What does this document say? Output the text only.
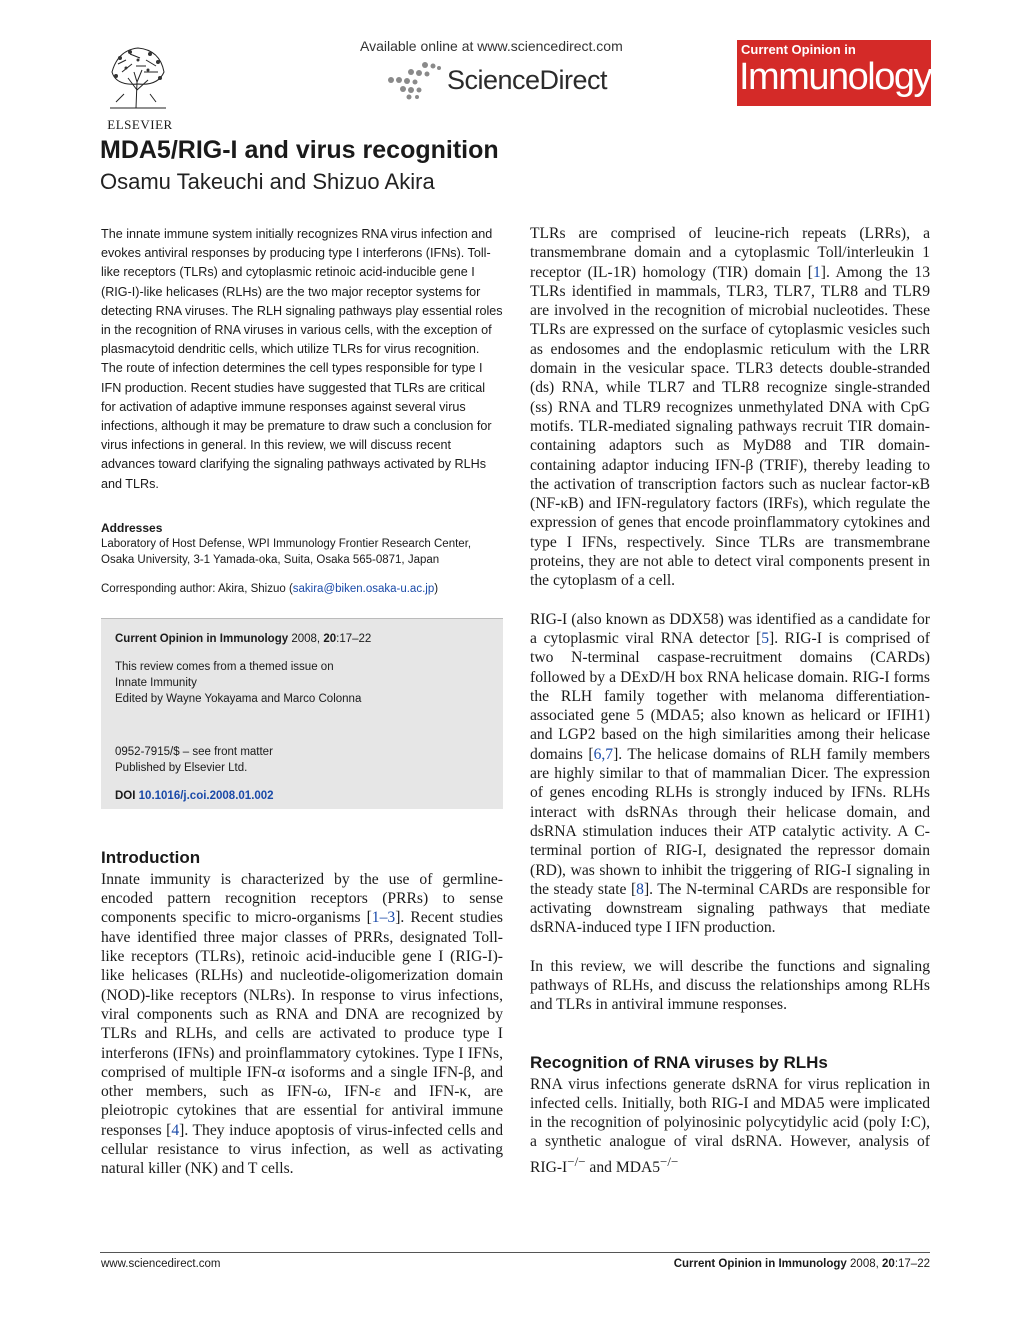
ELSEVIER
Available online at www.sciencedirect.com
ScienceDirect
Current Opinion in
Immunology
MDA5/RIG-I and virus recognition
Osamu Takeuchi and Shizuo Akira

The innate immune system initially recognizes RNA virus infection and evokes antiviral responses by producing type I interferons (IFNs). Toll-like receptors (TLRs) and cytoplasmic retinoic acid-inducible gene I (RIG-I)-like helicases (RLHs) are the two major receptor systems for detecting RNA viruses. The RLH signaling pathways play essential roles in the recognition of RNA viruses in various cells, with the exception of plasmacytoid dendritic cells, which utilize TLRs for virus recognition. The route of infection determines the cell types responsible for type I IFN production. Recent studies have suggested that TLRs are critical for activation of adaptive immune responses against several virus infections, although it may be premature to draw such a conclusion for virus infections in general. In this review, we will discuss recent advances toward clarifying the signaling pathways activated by RLHs and TLRs.

Addresses

Laboratory of Host Defense, WPI Immunology Frontier Research Center, Osaka University, 3-1 Yamada-oka, Suita, Osaka 565-0871, Japan

Corresponding author: Akira, Shizuo (sakira@biken.osaka-u.ac.jp)

Current Opinion in Immunology 2008, 20:17–22

This review comes from a themed issue on

Innate Immunity

Edited by Wayne Yokayama and Marco Colonna

0952-7915/$ – see front matter

Published by Elsevier Ltd.

DOI 10.1016/j.coi.2008.01.002

Introduction

Innate immunity is characterized by the use of germline-encoded pattern recognition receptors (PRRs) to sense components specific to micro-organisms [1–3]. Recent studies have identified three major classes of PRRs, designated Toll-like receptors (TLRs), retinoic acid-inducible gene I (RIG-I)-like helicases (RLHs) and nucleotide-oligomerization domain (NOD)-like receptors (NLRs). In response to virus infections, viral components such as RNA and DNA are recognized by TLRs and RLHs, and cells are activated to produce type I interferons (IFNs) and proinflammatory cytokines. Type I IFNs, comprised of multiple IFN-α isoforms and a single IFN-β, and other members, such as IFN-ω, IFN-ε and IFN-κ, are pleiotropic cytokines that are essential for antiviral immune responses [4]. They induce apoptosis of virus-infected cells and cellular resistance to virus infection, as well as activating natural killer (NK) and T cells.

TLRs are comprised of leucine-rich repeats (LRRs), a transmembrane domain and a cytoplasmic Toll/interleukin 1 receptor (IL-1R) homology (TIR) domain [1]. Among the 13 TLRs identified in mammals, TLR3, TLR7, TLR8 and TLR9 are involved in the recognition of microbial nucleotides. These TLRs are expressed on the surface of cytoplasmic vesicles such as endosomes and the endoplasmic reticulum with the LRR domain in the vesicular space. TLR3 detects double-stranded (ds) RNA, while TLR7 and TLR8 recognize single-stranded (ss) RNA and TLR9 recognizes unmethylated DNA with CpG motifs. TLR-mediated signaling pathways recruit TIR domain-containing adaptors such as MyD88 and TIR domain-containing adaptor inducing IFN-β (TRIF), thereby leading to the activation of transcription factors such as nuclear factor-κB (NF-κB) and IFN-regulatory factors (IRFs), which regulate the expression of genes that encode proinflammatory cytokines and type I IFNs, respectively. Since TLRs are transmembrane proteins, they are not able to detect viral components present in the cytoplasm of a cell.

RIG-I (also known as DDX58) was identified as a candidate for a cytoplasmic viral RNA detector [5]. RIG-I is comprised of two N-terminal caspase-recruitment domains (CARDs) followed by a DExD/H box RNA helicase domain. RIG-I forms the RLH family together with melanoma differentiation-associated gene 5 (MDA5; also known as helicard or IFIH1) and LGP2 based on the high similarities among their helicase domains [6,7]. The helicase domains of RLH family members are highly similar to that of mammalian Dicer. The expression of genes encoding RLHs is strongly induced by IFNs. RLHs interact with dsRNAs through their helicase domain, and dsRNA stimulation induces their ATP catalytic activity. A C-terminal portion of RIG-I, designated the repressor domain (RD), was shown to inhibit the triggering of RIG-I signaling in the steady state [8]. The N-terminal CARDs are responsible for activating downstream signaling pathways that mediate dsRNA-induced type I IFN production.

In this review, we will describe the functions and signaling pathways of RLHs, and discuss the relationships among RLHs and TLRs in antiviral immune responses.

Recognition of RNA viruses by RLHs

RNA virus infections generate dsRNA for virus replication in infected cells. Initially, both RIG-I and MDA5 were implicated in the recognition of polyinosinic polycytidylic acid (poly I:C), a synthetic analogue of viral dsRNA. However, analysis of RIG-I−/− and MDA5−/−

www.sciencedirect.com	Current Opinion in Immunology 2008, 20:17–22
